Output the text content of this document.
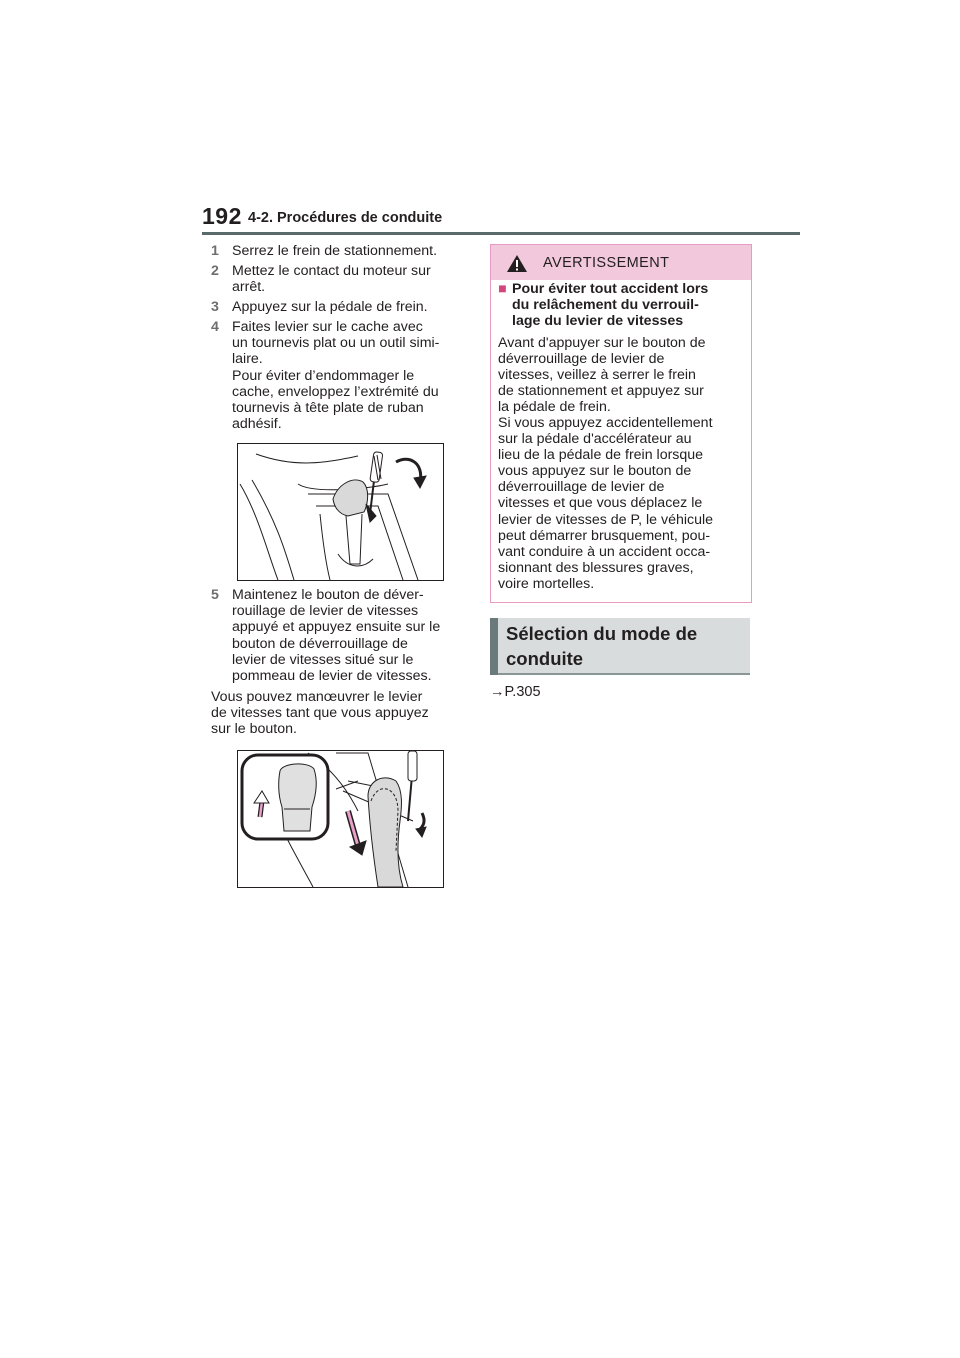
192 4-2. Procédures de conduite
1 Serrez le frein de stationnement.
2 Mettez le contact du moteur sur
arrêt.
3 Appuyez sur la pédale de frein.
4 Faites levier sur le cache avec
un tournevis plat ou un outil simi-
laire.
Pour éviter d’endommager le
cache, enveloppez l’extrémité du
tournevis à tête plate de ruban
adhésif.
5 Maintenez le bouton de déver-
rouillage de levier de vitesses
appuyé et appuyez ensuite sur le
bouton de déverrouillage de
levier de vitesses situé sur le
pommeau de levier de vitesses.
Vous pouvez manœuvrer le levier
de vitesses tant que vous appuyez
sur le bouton.
AVERTISSEMENT
■ Pour éviter tout accident lors
du relâchement du verrouil-
lage du levier de vitesses
Avant d'appuyer sur le bouton de
déverrouillage de levier de
vitesses, veillez à serrer le frein
de stationnement et appuyez sur
la pédale de frein.
Si vous appuyez accidentellement
sur la pédale d'accélérateur au
lieu de la pédale de frein lorsque
vous appuyez sur le bouton de
déverrouillage de levier de
vitesses et que vous déplacez le
levier de vitesses de P, le véhicule
peut démarrer brusquement, pou-
vant conduire à un accident occa-
sionnant des blessures graves,
voire mortelles.
Sélection du mode de
conduite
→P.305
